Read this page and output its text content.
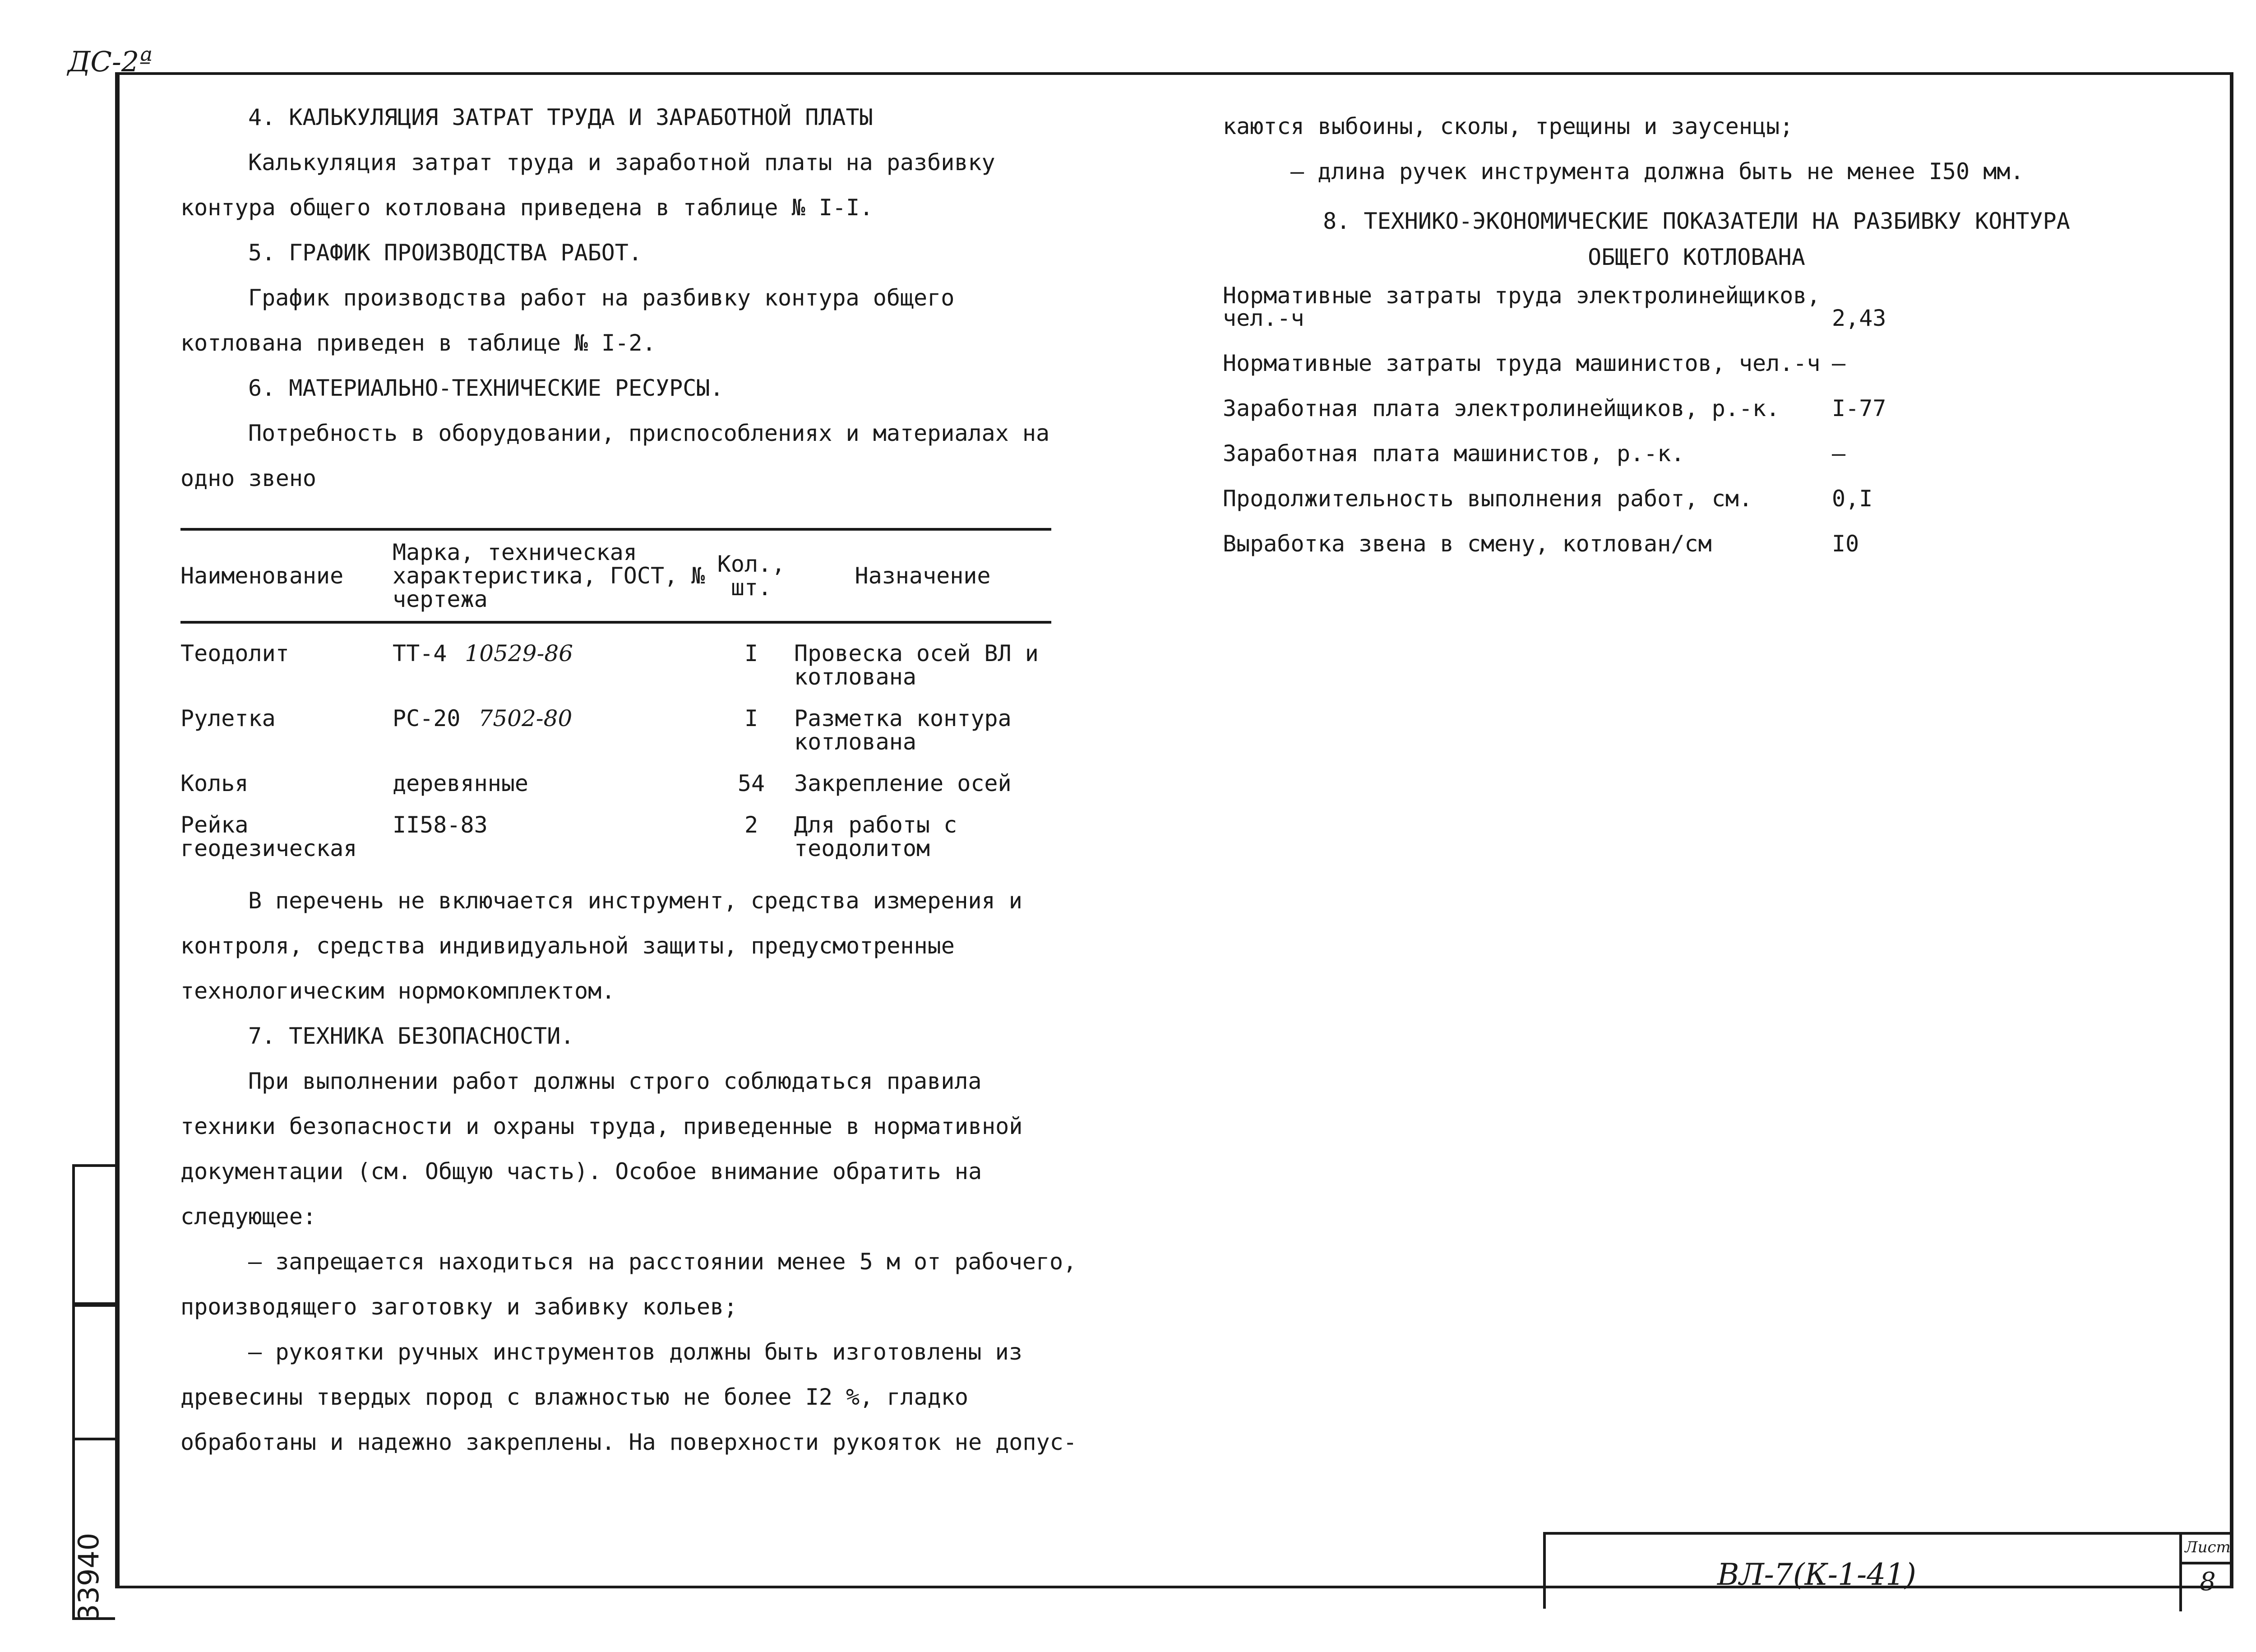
ДС-2ª
33940

4. КАЛЬКУЛЯЦИЯ ЗАТРАТ ТРУДА И ЗАРАБОТНОЙ ПЛАТЫ

Калькуляция затрат труда и заработной платы на разбивку контура общего котлована приведена в таблице № I-I.

5. ГРАФИК ПРОИЗВОДСТВА РАБОТ.

График производства работ на разбивку контура общего котлована приведен в таблице № I-2.

6. МАТЕРИАЛЬНО-ТЕХНИЧЕСКИЕ РЕСУРСЫ.

Потребность в оборудовании, приспособлениях и материалах на одно звено

Наименование	Марка, техническая характеристика, ГОСТ, № чертежа	Кол., шт.	Назначение
Теодолит	ТТ-4 10529-86	I	Провеска осей ВЛ и котлована
Рулетка	РС-20 7502-80	I	Разметка контура котлована
Колья	деревянные	54	Закрепление осей
Рейка геодезическая	II58-83	2	Для работы с теодолитом

В перечень не включается инструмент, средства измерения и контроля, средства индивидуальной защиты, предусмотренные технологическим нормокомплектом.

7. ТЕХНИКА БЕЗОПАСНОСТИ.

При выполнении работ должны строго соблюдаться правила техники безопасности и охраны труда, приведенные в нормативной документации (см. Общую часть). Особое внимание обратить на следующее:

– запрещается находиться на расстоянии менее 5 м от рабочего, производящего заготовку и забивку кольев;

– рукоятки ручных инструментов должны быть изготовлены из древесины твердых пород с влажностью не более I2 %, гладко обработаны и надежно закреплены. На поверхности рукояток не допус-

каются выбоины, сколы, трещины и заусенцы;

– длина ручек инструмента должна быть не менее I50 мм.

8. ТЕХНИКО-ЭКОНОМИЧЕСКИЕ ПОКАЗАТЕЛИ НА РАЗБИВКУ КОНТУРА

ОБЩЕГО КОТЛОВАНА

Нормативные затраты труда электролинейщиков, чел.-ч	2,43
Нормативные затраты труда машинистов, чел.-ч	–
Заработная плата электролинейщиков, р.-к.	I-77
Заработная плата машинистов, р.-к.	–
Продолжительность выполнения работ, см.	0,I
Выработка звена в смену, котлован/см	I0
ВЛ-7(К-1-41)
Лист
8
